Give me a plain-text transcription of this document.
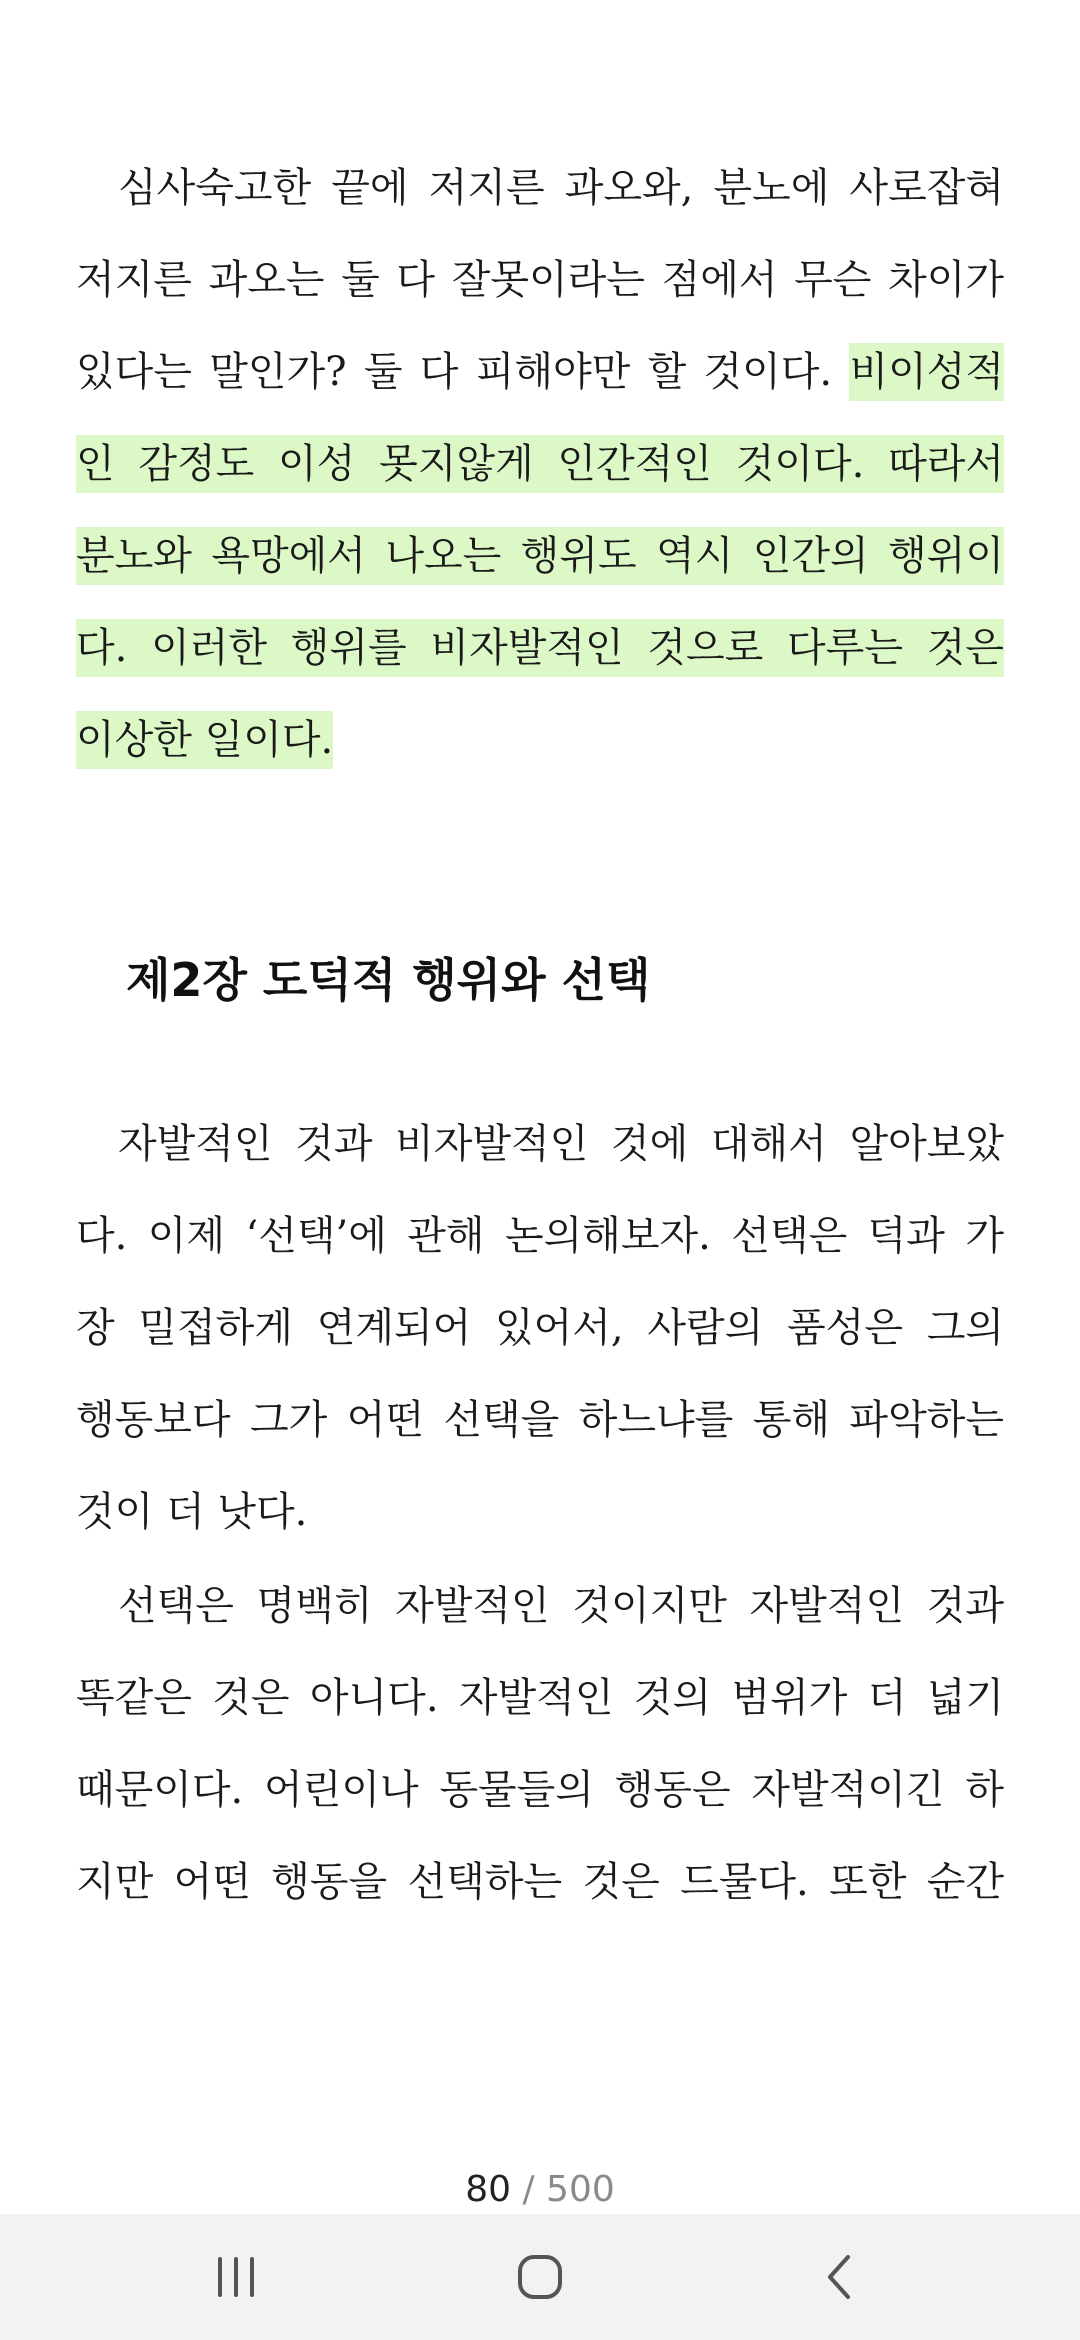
심사숙고한 끝에 저지른 과오와, 분노에 사로잡혀
저지른 과오는 둘 다 잘못이라는 점에서 무슨 차이가
있다는 말인가? 둘 다 피해야만 할 것이다. 비이성적
인 감정도 이성 못지않게 인간적인 것이다. 따라서
분노와 욕망에서 나오는 행위도 역시 인간의 행위이
다. 이러한 행위를 비자발적인 것으로 다루는 것은
이상한 일이다.
제2장 도덕적 행위와 선택
자발적인 것과 비자발적인 것에 대해서 알아보았
다. 이제 ‘선택’에 관해 논의해보자. 선택은 덕과 가
장 밀접하게 연계되어 있어서, 사람의 품성은 그의
행동보다 그가 어떤 선택을 하느냐를 통해 파악하는
것이 더 낫다.
선택은 명백히 자발적인 것이지만 자발적인 것과
똑같은 것은 아니다. 자발적인 것의 범위가 더 넓기
때문이다. 어린이나 동물들의 행동은 자발적이긴 하
지만 어떤 행동을 선택하는 것은 드물다. 또한 순간
80 / 500
